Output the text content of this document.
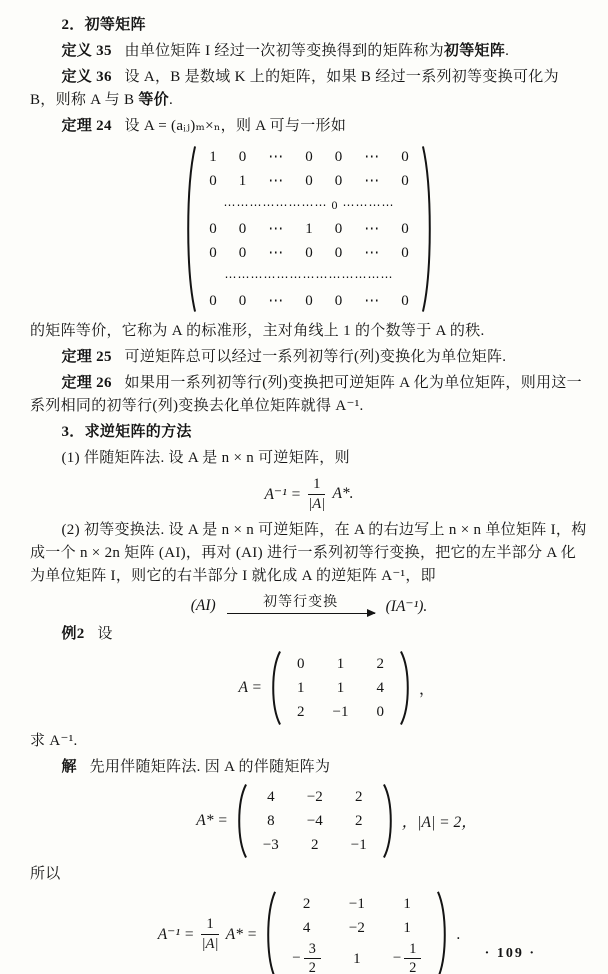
2．初等矩阵

定义 35 由单位矩阵 I 经过一次初等变换得到的矩阵称为初等矩阵.

定义 36 设 A，B 是数域 K 上的矩阵，如果 B 经过一系列初等变换可化为 B，则称 A 与 B 等价.

定理 24 设 A = (aᵢⱼ)ₘ×ₙ，则 A 可与一形如

1	0	⋯	0	0	⋯	0
0	1	⋯	0	0	⋯	0
⋯⋯⋯⋯⋯⋯⋯⋯ 0 ⋯⋯⋯⋯						
0	0	⋯	1	0	⋯	0
0	0	⋯	0	0	⋯	0
⋯⋯⋯⋯⋯⋯⋯⋯⋯⋯⋯⋯⋯						
0	0	⋯	0	0	⋯	0

的矩阵等价，它称为 A 的标准形，主对角线上 1 的个数等于 A 的秩.

定理 25 可逆矩阵总可以经过一系列初等行(列)变换化为单位矩阵.

定理 26 如果用一系列初等行(列)变换把可逆矩阵 A 化为单位矩阵，则用这一系列相同的初等行(列)变换去化单位矩阵就得 A⁻¹.

3．求逆矩阵的方法

(1) 伴随矩阵法. 设 A 是 n × n 可逆矩阵，则

$A^{-1} = \frac{1}{|A|} A*$.

(2) 初等变换法. 设 A 是 n × n 可逆矩阵，在 A 的右边写上 n × n 单位矩阵 I，构成一个 n × 2n 矩阵 (AI)，再对 (AI) 进行一系列初等行变换，把它的左半部分 A 化为单位矩阵 I，则它的右半部分 I 就化成 A 的逆矩阵 A⁻¹，即

(AI)	初等行变换	(IA⁻¹).

例2 设

A =
0	1	2
1	1	4
2	−1	0
，

求 A⁻¹.

解 先用伴随矩阵法. 因 A 的伴随矩阵为

A* =
4	−2	2
8	−4	2
−3	2	−1
，|A| = 2，

所以

$A^{-1} = \frac{1}{|A|} A*$ =
2	−1	1
4	−2	1
− $\frac{3}{2}$	1	− $\frac{1}{2}$
.
· 109 ·
